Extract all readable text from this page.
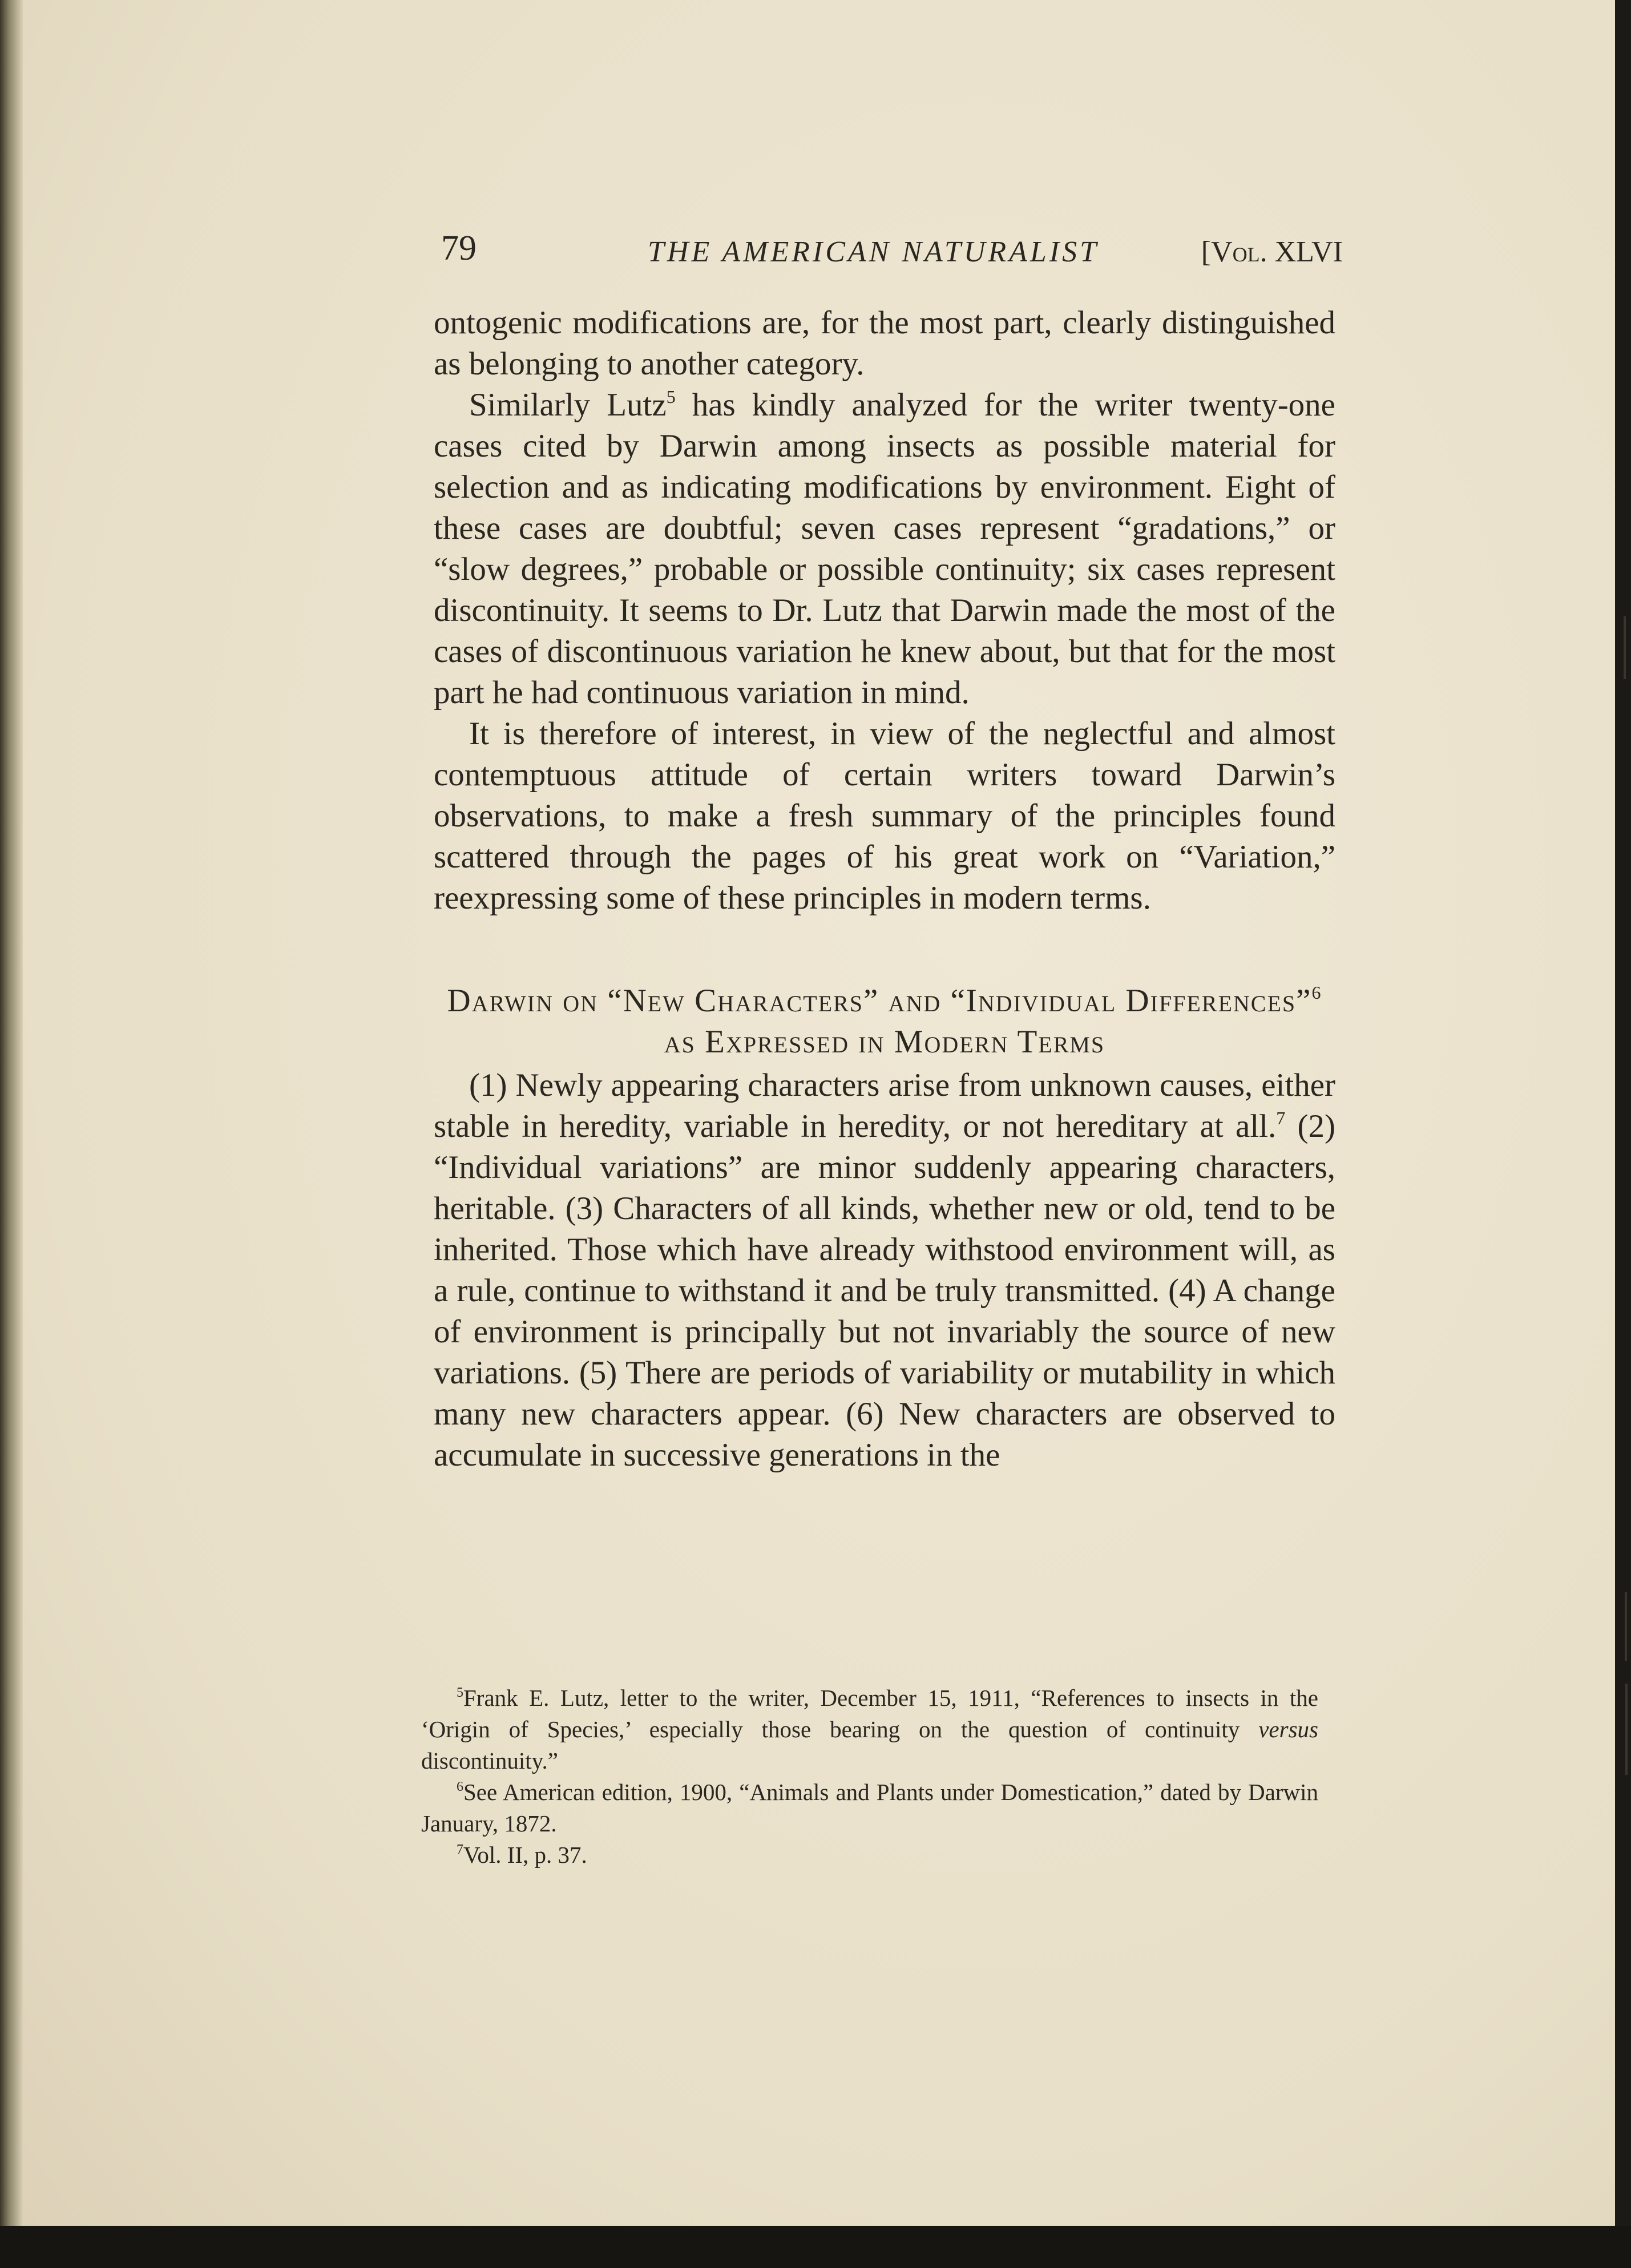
79	THE AMERICAN NATURALIST	[Vol. XLVI

ontogenic modifications are, for the most part, clearly distinguished as belonging to another category.

Similarly Lutz$^5$ has kindly analyzed for the writer twenty-one cases cited by Darwin among insects as possible material for selection and as indicating modifications by environment. Eight of these cases are doubtful; seven cases represent “gradations,” or “slow degrees,” probable or possible continuity; six cases represent discontinuity. It seems to Dr. Lutz that Darwin made the most of the cases of discontinuous variation he knew about, but that for the most part he had continuous variation in mind.

It is therefore of interest, in view of the neglectful and almost contemptuous attitude of certain writers toward Darwin’s observations, to make a fresh summary of the principles found scattered through the pages of his great work on “Variation,” reexpressing some of these principles in modern terms.

Darwin on “New Characters” and “Individual Differences”$^6$ as Expressed in Modern Terms

(1) Newly appearing characters arise from unknown causes, either stable in heredity, variable in heredity, or not hereditary at all.$^7$ (2) “Individual variations” are minor suddenly appearing characters, heritable. (3) Characters of all kinds, whether new or old, tend to be inherited. Those which have already withstood environment will, as a rule, continue to withstand it and be truly transmitted. (4) A change of environment is principally but not invariably the source of new variations. (5) There are periods of variability or mutability in which many new characters appear. (6) New characters are observed to accumulate in successive generations in the

$^5$Frank E. Lutz, letter to the writer, December 15, 1911, “References to insects in the ‘Origin of Species,’ especially those bearing on the question of continuity versus discontinuity.”

$^6$See American edition, 1900, “Animals and Plants under Domestication,” dated by Darwin January, 1872.

$^7$Vol. II, p. 37.
